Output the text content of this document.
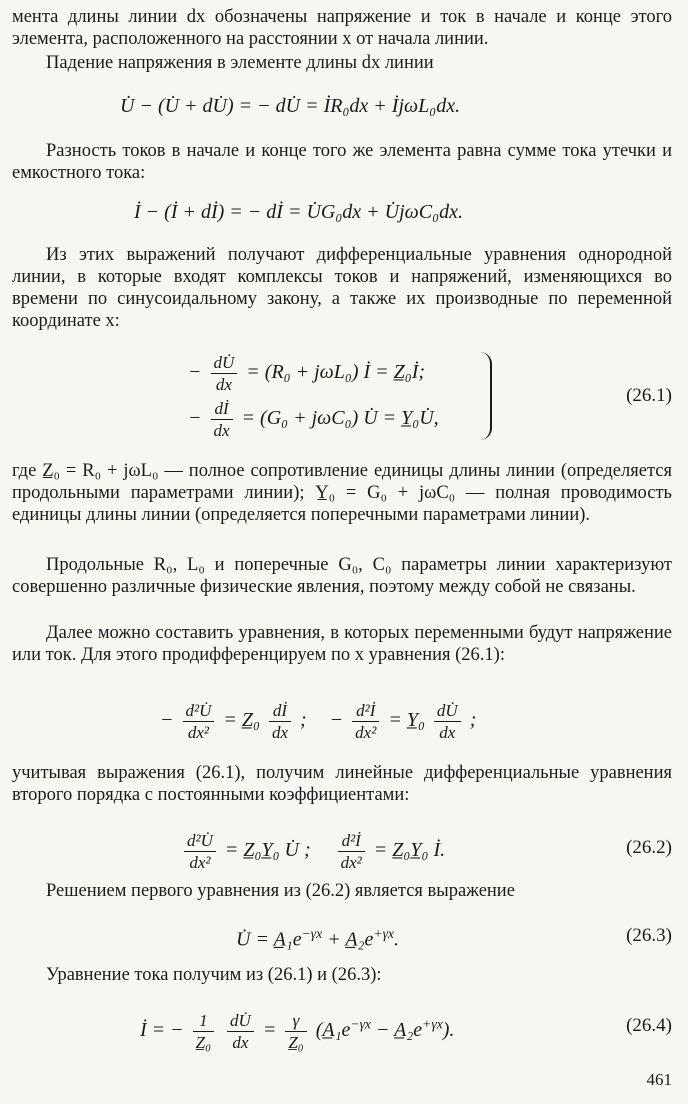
мента длины линии dx обозначены напряжение и ток в начале и конце этого элемента, расположенного на расстоянии x от начала линии.

Падение напряжения в элементе длины dx линии

U̇ − (U̇ + dU̇) = − dU̇ = İR₀dx + İjωL₀dx.

Разность токов в начале и конце того же элемента равна сумме тока утечки и емкостного тока:

İ − (İ + dİ) = − dİ = U̇G₀dx + U̇jωC₀dx.

Из этих выражений получают дифференциальные уравнения однородной линии, в которые входят комплексы токов и напряжений, изменяющихся во времени по синусоидальному закону, а также их производные по переменной координате x:

− $\frac{dU̇}{dx} = (R_0 + j\omega L_0)$ İ = Z̲₀İ;
− $\frac{dİ}{dx} = (G_0 + j\omega C_0)$ U̇ = Y̲₀U̇,
(26.1)

где Z̲₀ = R₀ + jωL₀ — полное сопротивление единицы длины линии (определяется продольными параметрами линии); Y̲₀ = G₀ + jωC₀ — полная проводимость единицы длины линии (определяется поперечными параметрами линии).

Продольные R₀, L₀ и поперечные G₀, C₀ параметры линии характеризуют совершенно различные физические явления, поэтому между собой не связаны.

Далее можно составить уравнения, в которых переменными будут напряжение или ток. Для этого продифференцируем по x уравнения (26.1):

− $\frac{\text{d²U̇}}{\text{dx²}}$ = Z̲₀ $\frac{dİ}{dx}$ ; − $\frac{\text{d²İ}}{\text{dx²}}$ = Y̲₀ $\frac{dU̇}{dx}$ ;

учитывая выражения (26.1), получим линейные дифференциальные уравнения второго порядка с постоянными коэффициентами:

$\frac{\text{d²U̇}}{\text{dx²}}$ = Z̲₀Y̲₀ U̇ ; $\frac{\text{d²İ}}{\text{dx²}}$ = Z̲₀Y̲₀ İ.	(26.2)

Решением первого уравнения из (26.2) является выражение

U̇ = $A̲_1e^{-\gamma x}$ + $A̲_2e^{+\gamma x}$.	(26.3)

Уравнение тока получим из (26.1) и (26.3):

İ = − $\frac{1}{\text{Z̲₀}}$
$\frac{dU̇}{dx} = \frac{\gamma}{\text{Z̲₀}}$ ($A̲_1e^{-\gamma x}$ − $A̲_2e^{+\gamma x}$).	(26.4)
461
